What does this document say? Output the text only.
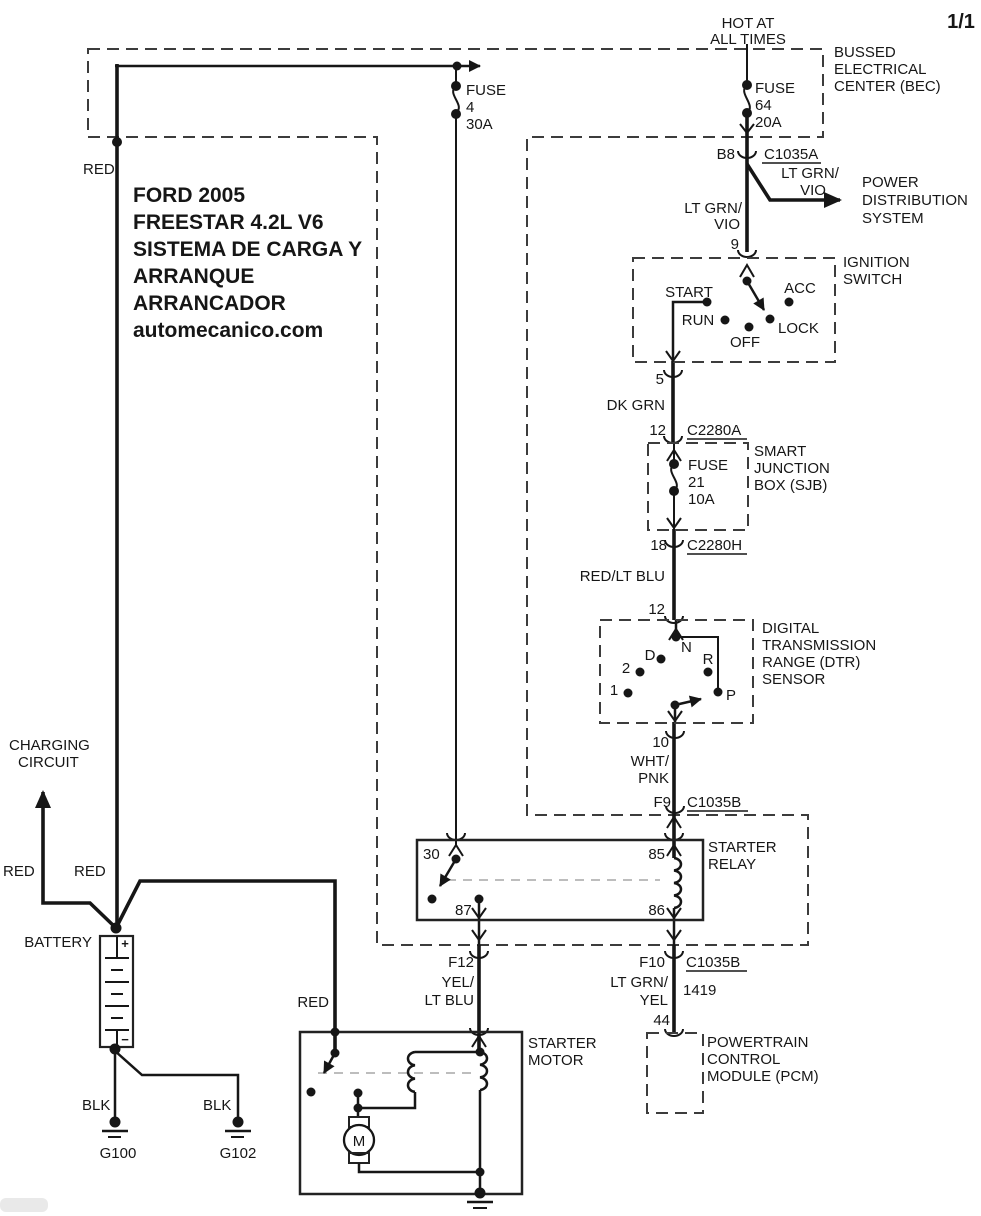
BUSSED
ELECTRICAL
CENTER (BEC)
1/1
HOT AT
ALL TIMES
FORD 2005
FREESTAR 4.2L V6
SISTEMA DE CARGA Y
ARRANQUE
ARRANCADOR
automecanico.com
FUSE
4
30A
FUSE
64
20A
B8 C1035A
LT GRN/
VIO POWER
DISTRIBUTION
SYSTEM
LT GRN/
VIO
9
RED
START
RUN
OFF
ACC
LOCK
IGNITION
SWITCH
5
DK GRN
12 C2280A
FUSE
21
10A
SMART
JUNCTION
BOX (SJB)
18 C2280H
RED/LT BLU
12
N
D
2
1
R
P
DIGITAL
TRANSMISSION
RANGE (DTR)
SENSOR
10
WHT/
PNK
F9 C1035B
30	85
87	86
STARTER
RELAY
F12
YEL/
LT BLU
F10 C1035B
LT GRN/
YEL
1419
44
POWERTRAIN
CONTROL
MODULE (PCM)
CHARGING
CIRCUIT
RED	RED
+
−
BATTERY
BLK
G100
BLK
G102
RED
M
STARTER
MOTOR
